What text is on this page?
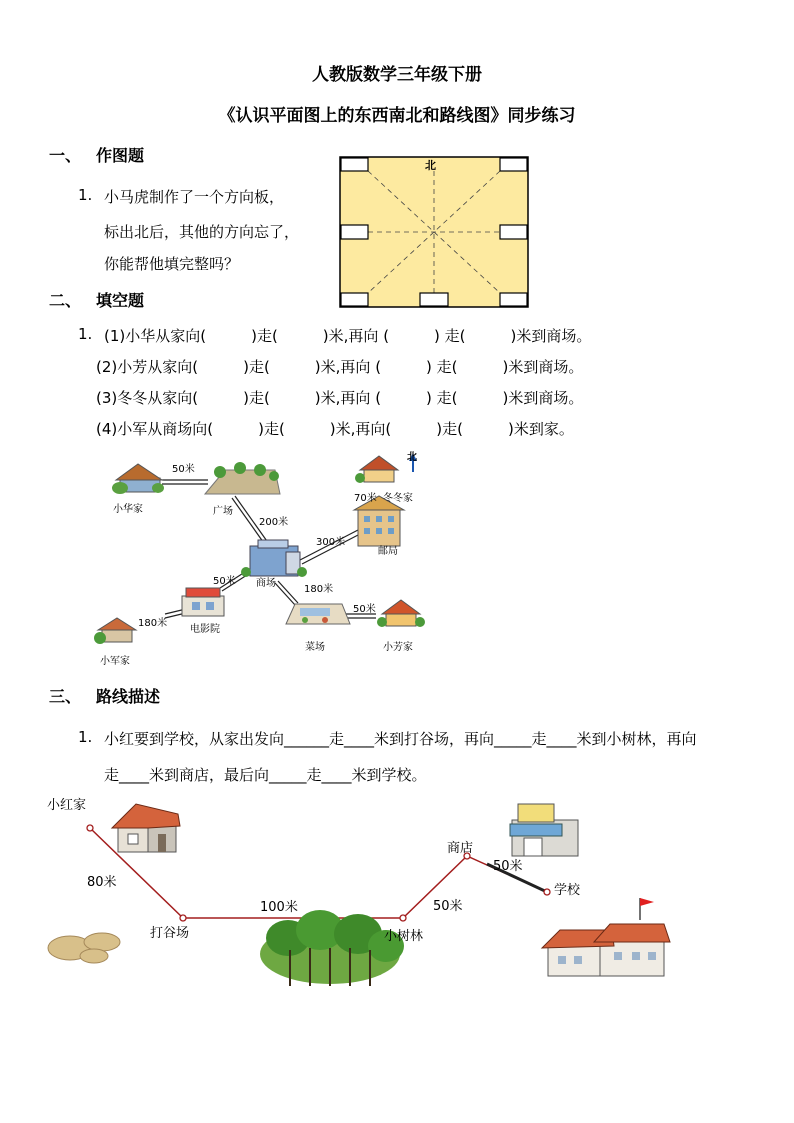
人教版数学三年级下册
《认识平面图上的东西南北和路线图》同步练习
一、 作图题
1. 小马虎制作了一个方向板，
标出北后，其他的方向忘了，
你能帮他填完整吗？
北
二、 填空题
1. (1)小华从家向(　　　)走(　　　)米,再向 (　　　) 走(　　　)米到商场。
(2)小芳从家向(　　　)走(　　　)米,再向 (　　　) 走(　　　)米到商场。
(3)冬冬从家向(　　　)走(　　　)米,再向 (　　　) 走(　　　)米到商场。
(4)小军从商场向(　　　)走(　　　)米,再向(　　　)走(　　　)米到家。
小华家	广场
冬冬家
邮局
商场
电影院
小军家
菜场	小芳家
北
50米
200米
70米
300米
50米
180米
180米
50米
三、 路线描述
1. 小红要到学校，从家出发向______走____米到打谷场，再向_____走____米到小树林，再向
走____米到商店，最后向_____走____米到学校。
小红家
打谷场	小树林
商店
学校
80米
100米	50米
50米
